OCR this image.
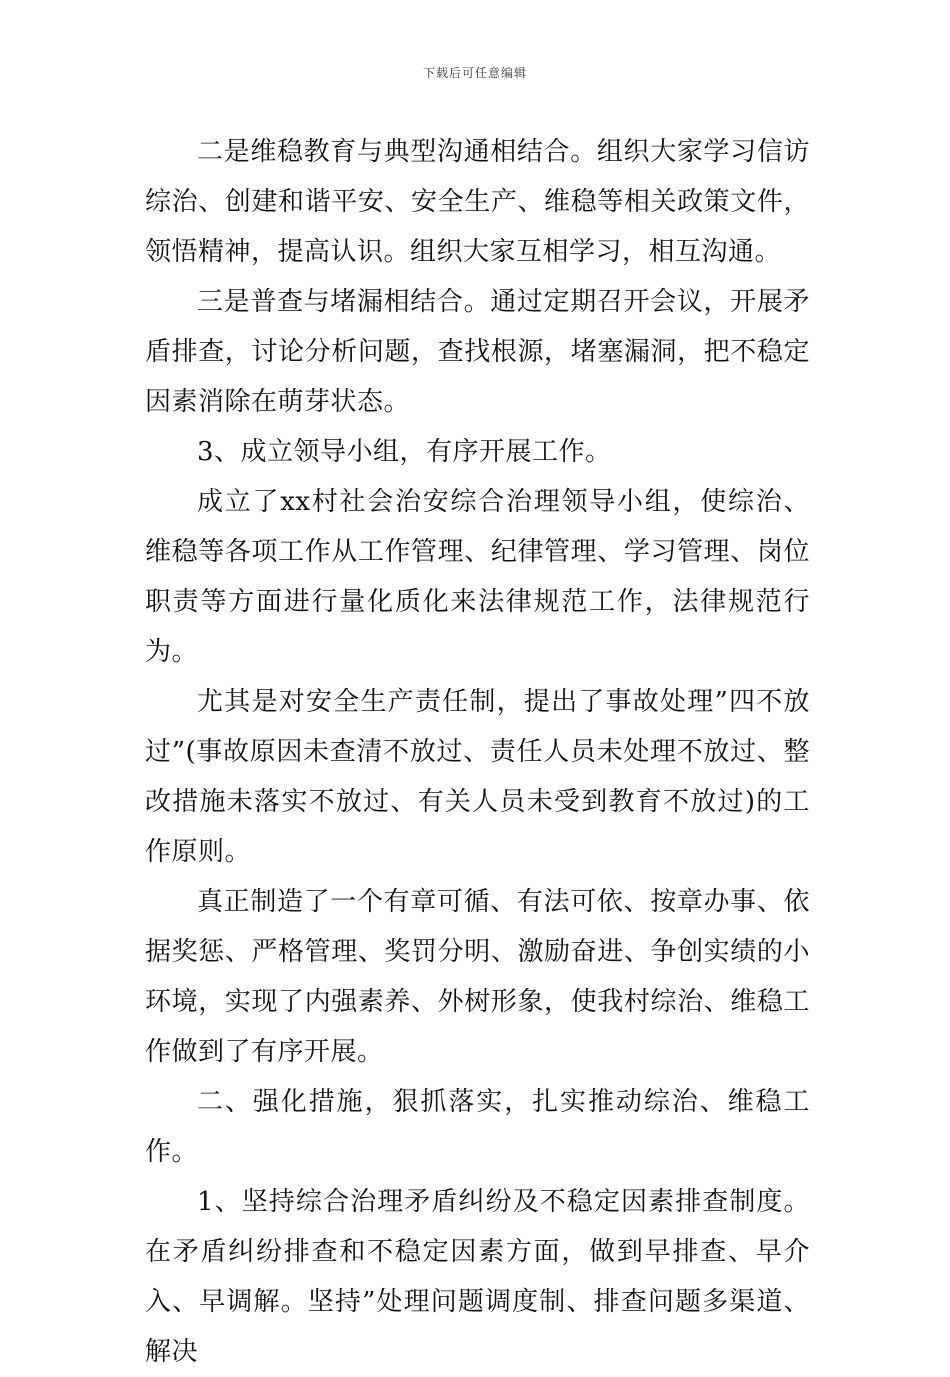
下载后可任意编辑

二是维稳教育与典型沟通相结合。组织大家学习信访综治、创建和谐平安、安全生产、维稳等相关政策文件，领悟精神，提高认识。组织大家互相学习，相互沟通。

三是普查与堵漏相结合。通过定期召开会议，开展矛盾排查，讨论分析问题，查找根源，堵塞漏洞，把不稳定因素消除在萌芽状态。

3、成立领导小组，有序开展工作。

成立了xx村社会治安综合治理领导小组，使综治、维稳等各项工作从工作管理、纪律管理、学习管理、岗位职责等方面进行量化质化来法律规范工作，法律规范行为。

尤其是对安全生产责任制，提出了事故处理”四不放过”(事故原因未查清不放过、责任人员未处理不放过、整改措施未落实不放过、有关人员未受到教育不放过)的工作原则。

真正制造了一个有章可循、有法可依、按章办事、依据奖惩、严格管理、奖罚分明、激励奋进、争创实绩的小环境，实现了内强素养、外树形象，使我村综治、维稳工作做到了有序开展。

二、强化措施，狠抓落实，扎实推动综治、维稳工作。

1、坚持综合治理矛盾纠纷及不稳定因素排查制度。在矛盾纠纷排查和不稳定因素方面，做到早排查、早介入、早调解。坚持”处理问题调度制、排查问题多渠道、解决
